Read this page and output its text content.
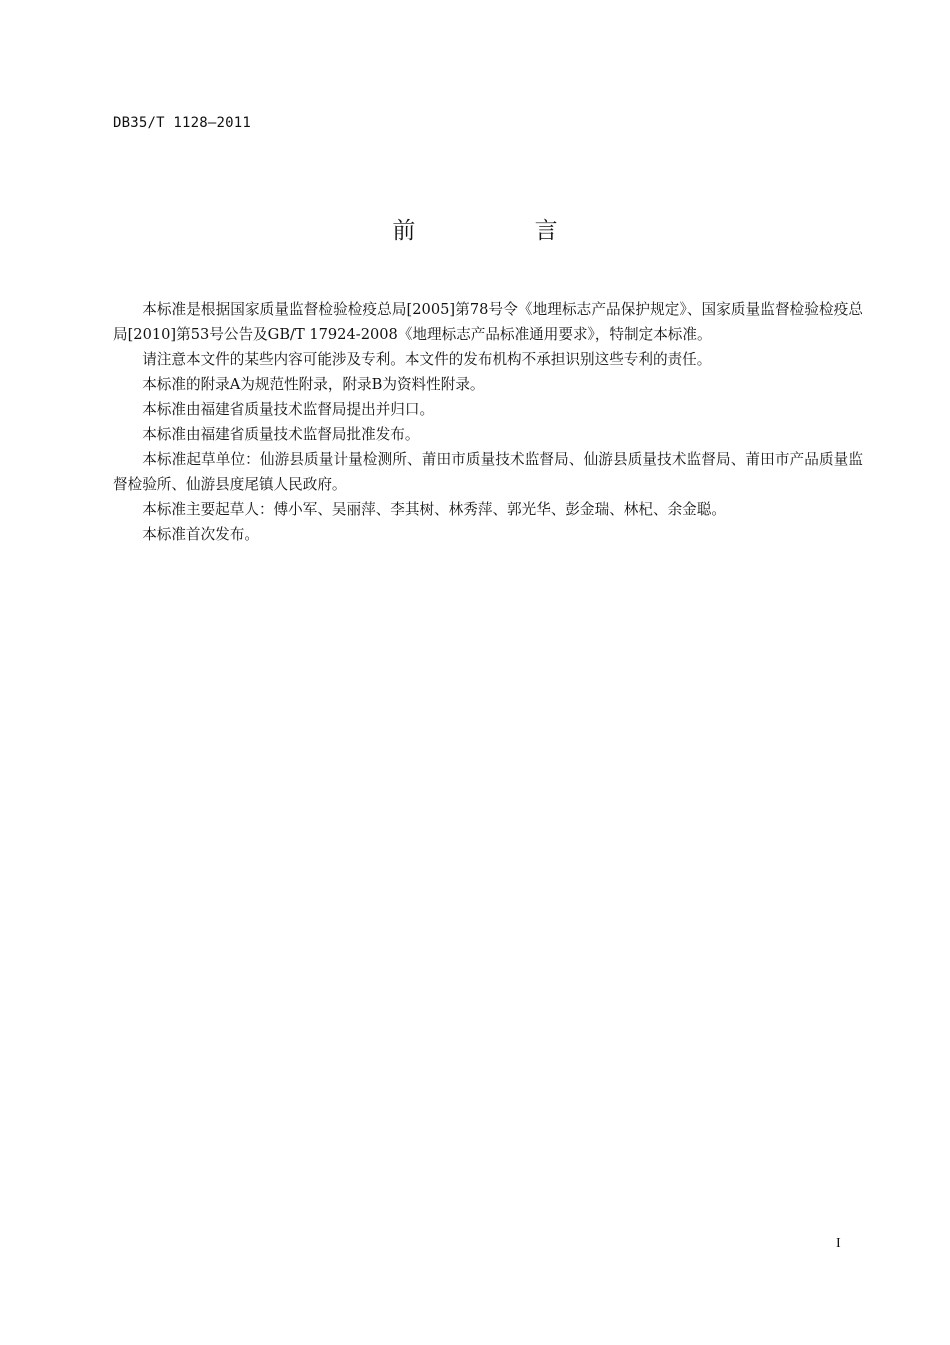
DB35/T 1128—2011
前 言

本标准是根据国家质量监督检验检疫总局[2005]第78号令《地理标志产品保护规定》、国家质量监督检验检疫总局[2010]第53号公告及GB/T 17924-2008《地理标志产品标准通用要求》，特制定本标准。

请注意本文件的某些内容可能涉及专利。本文件的发布机构不承担识别这些专利的责任。

本标准的附录A为规范性附录，附录B为资料性附录。

本标准由福建省质量技术监督局提出并归口。

本标准由福建省质量技术监督局批准发布。

本标准起草单位：仙游县质量计量检测所、莆田市质量技术监督局、仙游县质量技术监督局、莆田市产品质量监督检验所、仙游县度尾镇人民政府。

本标准主要起草人：傅小军、吴丽萍、李其树、林秀萍、郭光华、彭金瑞、林杞、余金聪。

本标准首次发布。

I
